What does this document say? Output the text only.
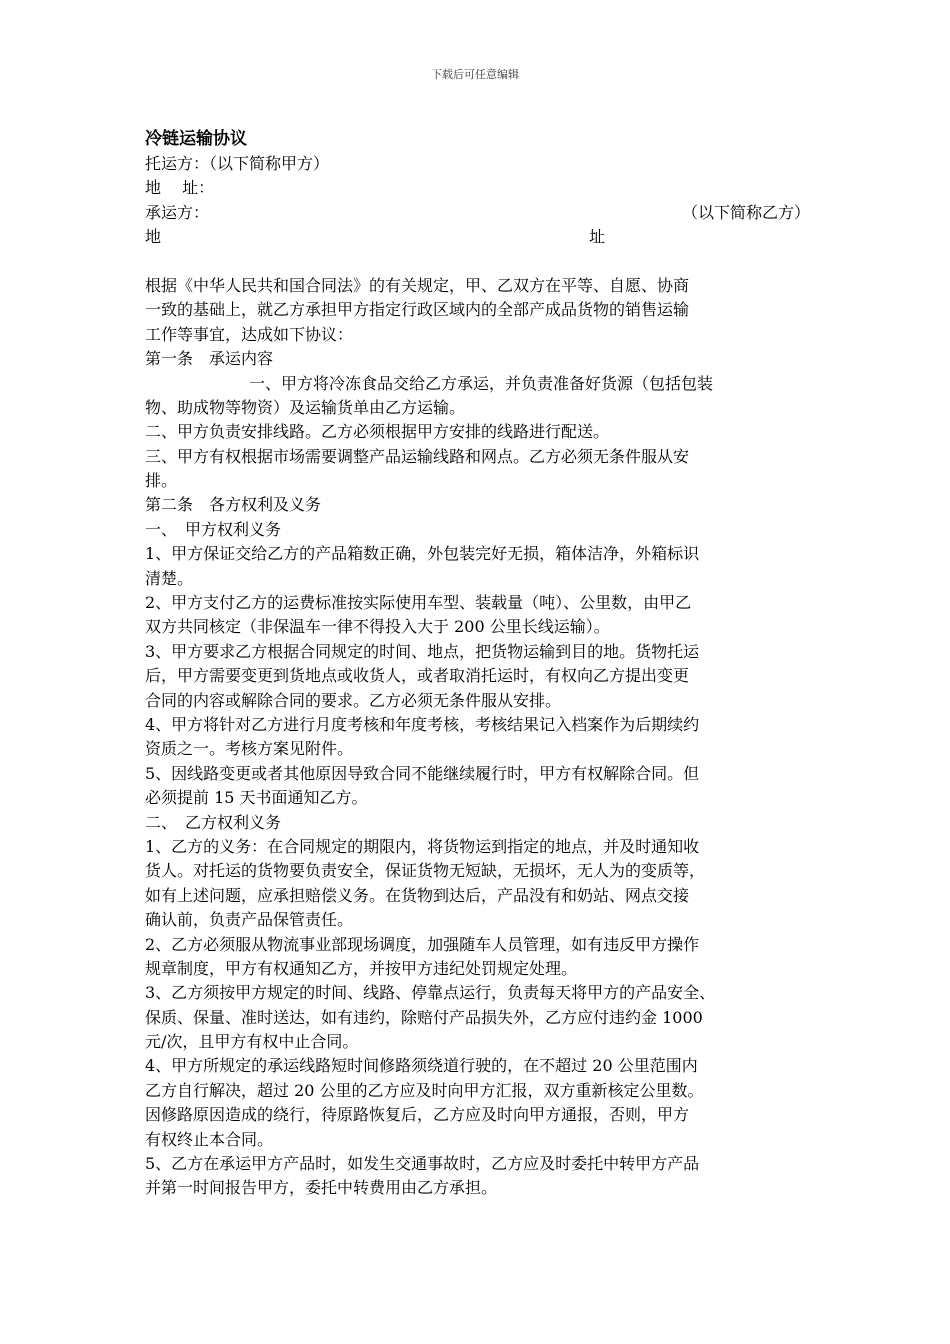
下载后可任意编辑
冷链运输协议
托运方：（以下简称甲方）
地　 址：
承运方：	（以下简称乙方）
地	址
根据《中华人民共和国合同法》的有关规定，甲、乙双方在平等、自愿、协商
一致的基础上，就乙方承担甲方指定行政区域内的全部产成品货物的销售运输
工作等事宜，达成如下协议：
第一条　承运内容
一、甲方将冷冻食品交给乙方承运，并负责准备好货源（包括包装
物、助成物等物资）及运输货单由乙方运输。
二、甲方负责安排线路。乙方必须根据甲方安排的线路进行配送。
三、甲方有权根据市场需要调整产品运输线路和网点。乙方必须无条件服从安
排。
第二条　各方权利及义务
一、　甲方权利义务
1、甲方保证交给乙方的产品箱数正确，外包装完好无损，箱体洁净，外箱标识
清楚。
2、甲方支付乙方的运费标准按实际使用车型、装载量（吨）、公里数，由甲乙
双方共同核定（非保温车一律不得投入大于 200 公里长线运输）。
3、甲方要求乙方根据合同规定的时间、地点，把货物运输到目的地。货物托运
后，甲方需要变更到货地点或收货人，或者取消托运时，有权向乙方提出变更
合同的内容或解除合同的要求。乙方必须无条件服从安排。
4、甲方将针对乙方进行月度考核和年度考核，考核结果记入档案作为后期续约
资质之一。考核方案见附件。
5、因线路变更或者其他原因导致合同不能继续履行时，甲方有权解除合同。但
必须提前 15 天书面通知乙方。
二、　乙方权利义务
1、乙方的义务：在合同规定的期限内，将货物运到指定的地点，并及时通知收
货人。对托运的货物要负责安全，保证货物无短缺，无损坏，无人为的变质等，
如有上述问题，应承担赔偿义务。在货物到达后，产品没有和奶站、网点交接
确认前，负责产品保管责任。
2、乙方必须服从物流事业部现场调度，加强随车人员管理，如有违反甲方操作
规章制度，甲方有权通知乙方，并按甲方违纪处罚规定处理。
3、乙方须按甲方规定的时间、线路、停靠点运行，负责每天将甲方的产品安全、
保质、保量、准时送达，如有违约，除赔付产品损失外，乙方应付违约金 1000
元/次，且甲方有权中止合同。
4、甲方所规定的承运线路短时间修路须绕道行驶的，在不超过 20 公里范围内
乙方自行解决，超过 20 公里的乙方应及时向甲方汇报，双方重新核定公里数。
因修路原因造成的绕行，待原路恢复后，乙方应及时向甲方通报，否则，甲方
有权终止本合同。
5、乙方在承运甲方产品时，如发生交通事故时，乙方应及时委托中转甲方产品
并第一时间报告甲方，委托中转费用由乙方承担。
